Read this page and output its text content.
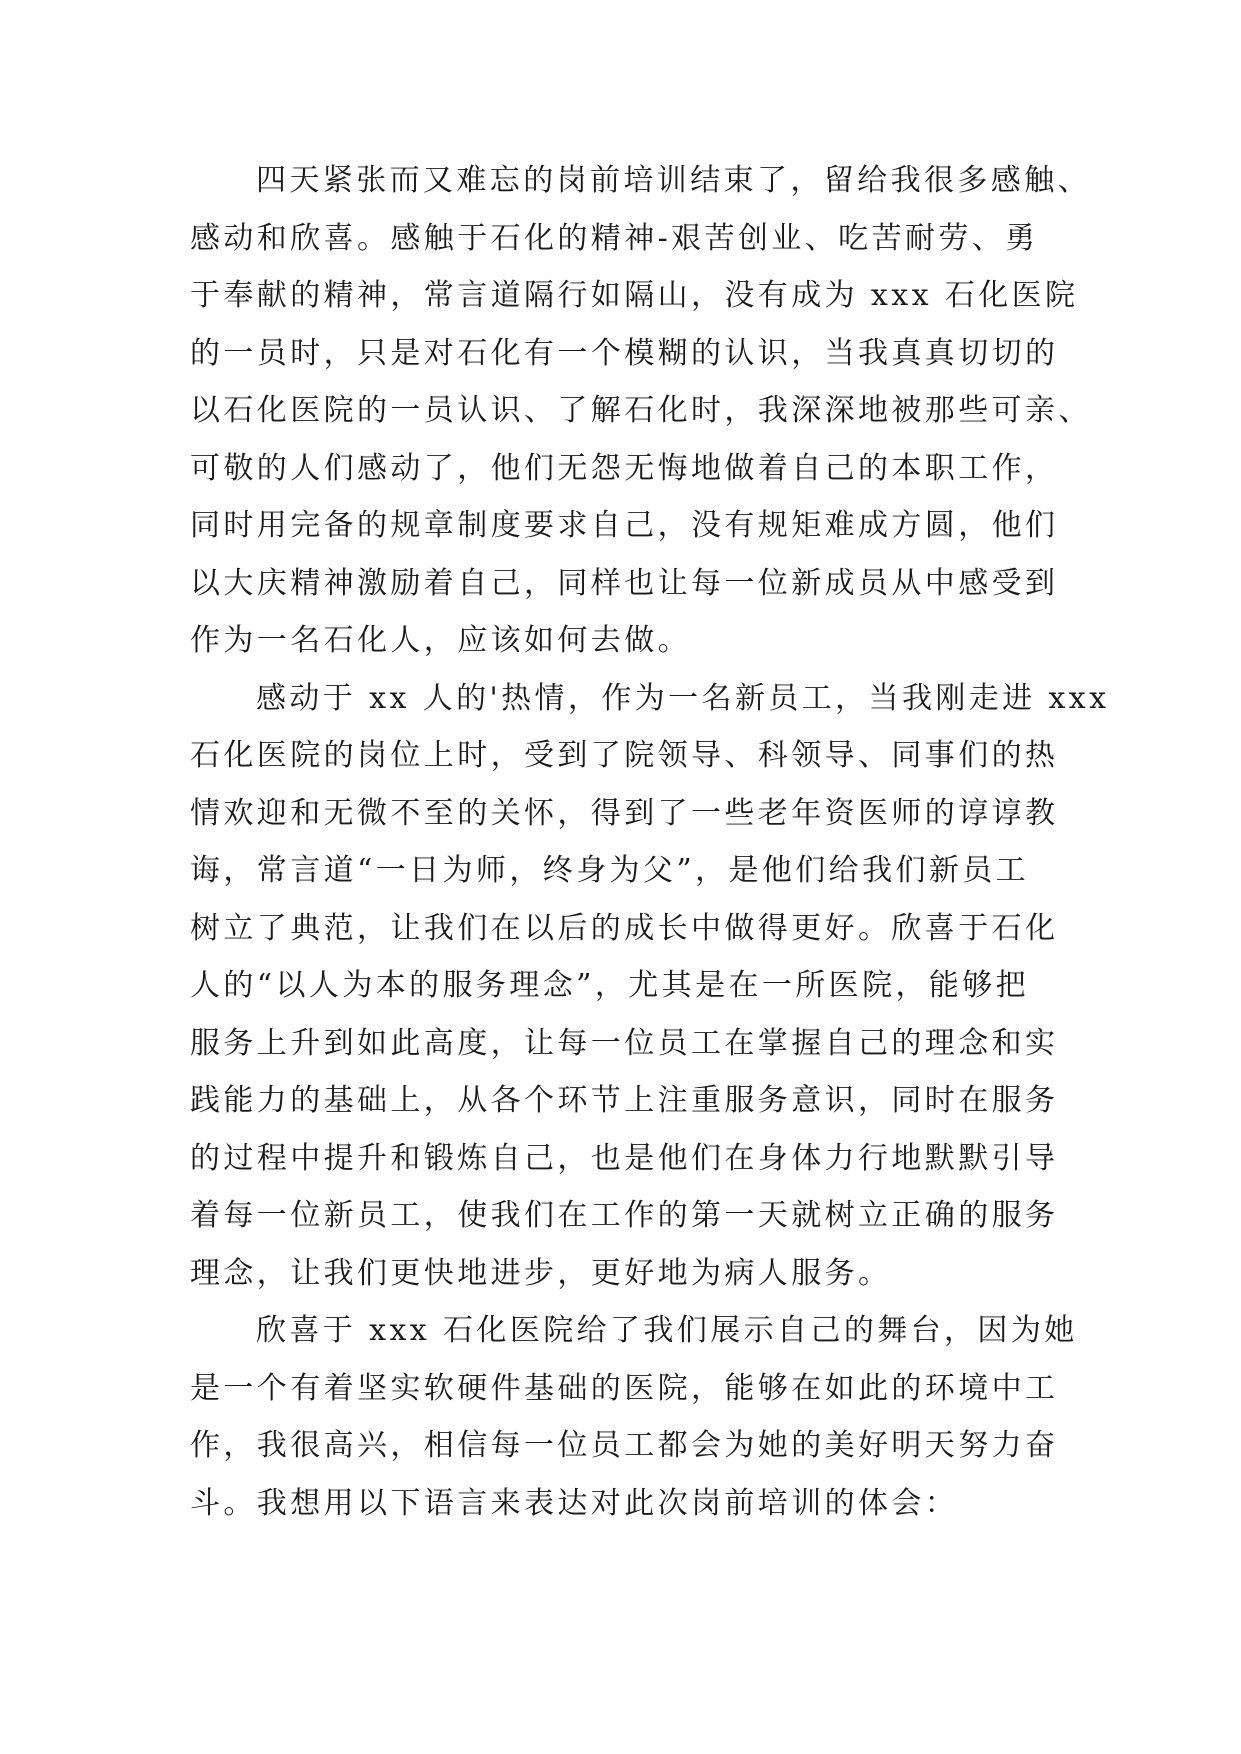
四天紧张而又难忘的岗前培训结束了，留给我很多感触、
感动和欣喜。感触于石化的精神-艰苦创业、吃苦耐劳、勇
于奉献的精神，常言道隔行如隔山，没有成为 xxx 石化医院
的一员时，只是对石化有一个模糊的认识，当我真真切切的
以石化医院的一员认识、了解石化时，我深深地被那些可亲、
可敬的人们感动了，他们无怨无悔地做着自己的本职工作，
同时用完备的规章制度要求自己，没有规矩难成方圆，他们
以大庆精神激励着自己，同样也让每一位新成员从中感受到
作为一名石化人，应该如何去做。
感动于 xx 人的'热情，作为一名新员工，当我刚走进 xxx
石化医院的岗位上时，受到了院领导、科领导、同事们的热
情欢迎和无微不至的关怀，得到了一些老年资医师的谆谆教
诲，常言道“一日为师，终身为父”，是他们给我们新员工
树立了典范，让我们在以后的成长中做得更好。欣喜于石化
人的“以人为本的服务理念”，尤其是在一所医院，能够把
服务上升到如此高度，让每一位员工在掌握自己的理念和实
践能力的基础上，从各个环节上注重服务意识，同时在服务
的过程中提升和锻炼自己，也是他们在身体力行地默默引导
着每一位新员工，使我们在工作的第一天就树立正确的服务
理念，让我们更快地进步，更好地为病人服务。
欣喜于 xxx 石化医院给了我们展示自己的舞台，因为她
是一个有着坚实软硬件基础的医院，能够在如此的环境中工
作，我很高兴，相信每一位员工都会为她的美好明天努力奋
斗。我想用以下语言来表达对此次岗前培训的体会：
